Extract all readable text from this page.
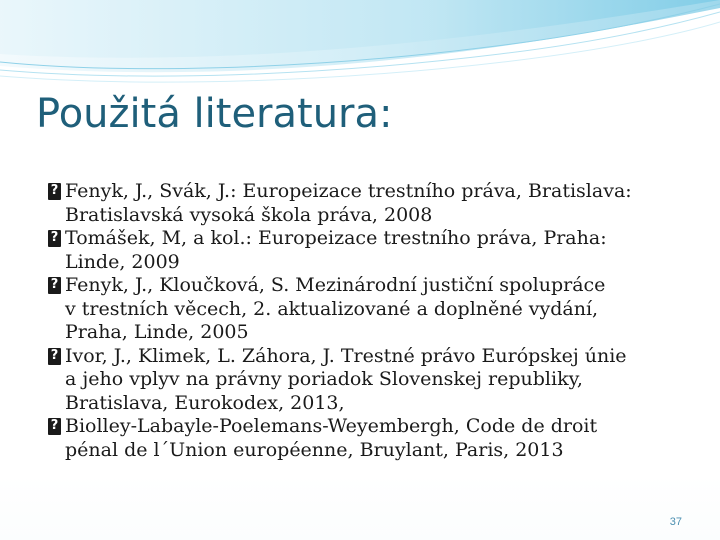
Použitá literatura:
?
Fenyk, J., Svák, J.: Europeizace trestního práva, Bratislava:
Bratislavská vysoká škola práva, 2008
?
Tomášek, M, a kol.: Europeizace trestního práva, Praha:
Linde, 2009
?
Fenyk, J., Kloučková, S. Mezinárodní justiční spolupráce
v trestních věcech, 2. aktualizované a doplněné vydání,
Praha, Linde, 2005
?
Ivor, J., Klimek, L. Záhora, J. Trestné právo Európskej únie
a jeho vplyv na právny poriadok Slovenskej republiky,
Bratislava, Eurokodex, 2013,
?
Biolley-Labayle-Poelemans-Weyembergh, Code de droit
pénal de l´Union européenne, Bruylant, Paris, 2013
37
